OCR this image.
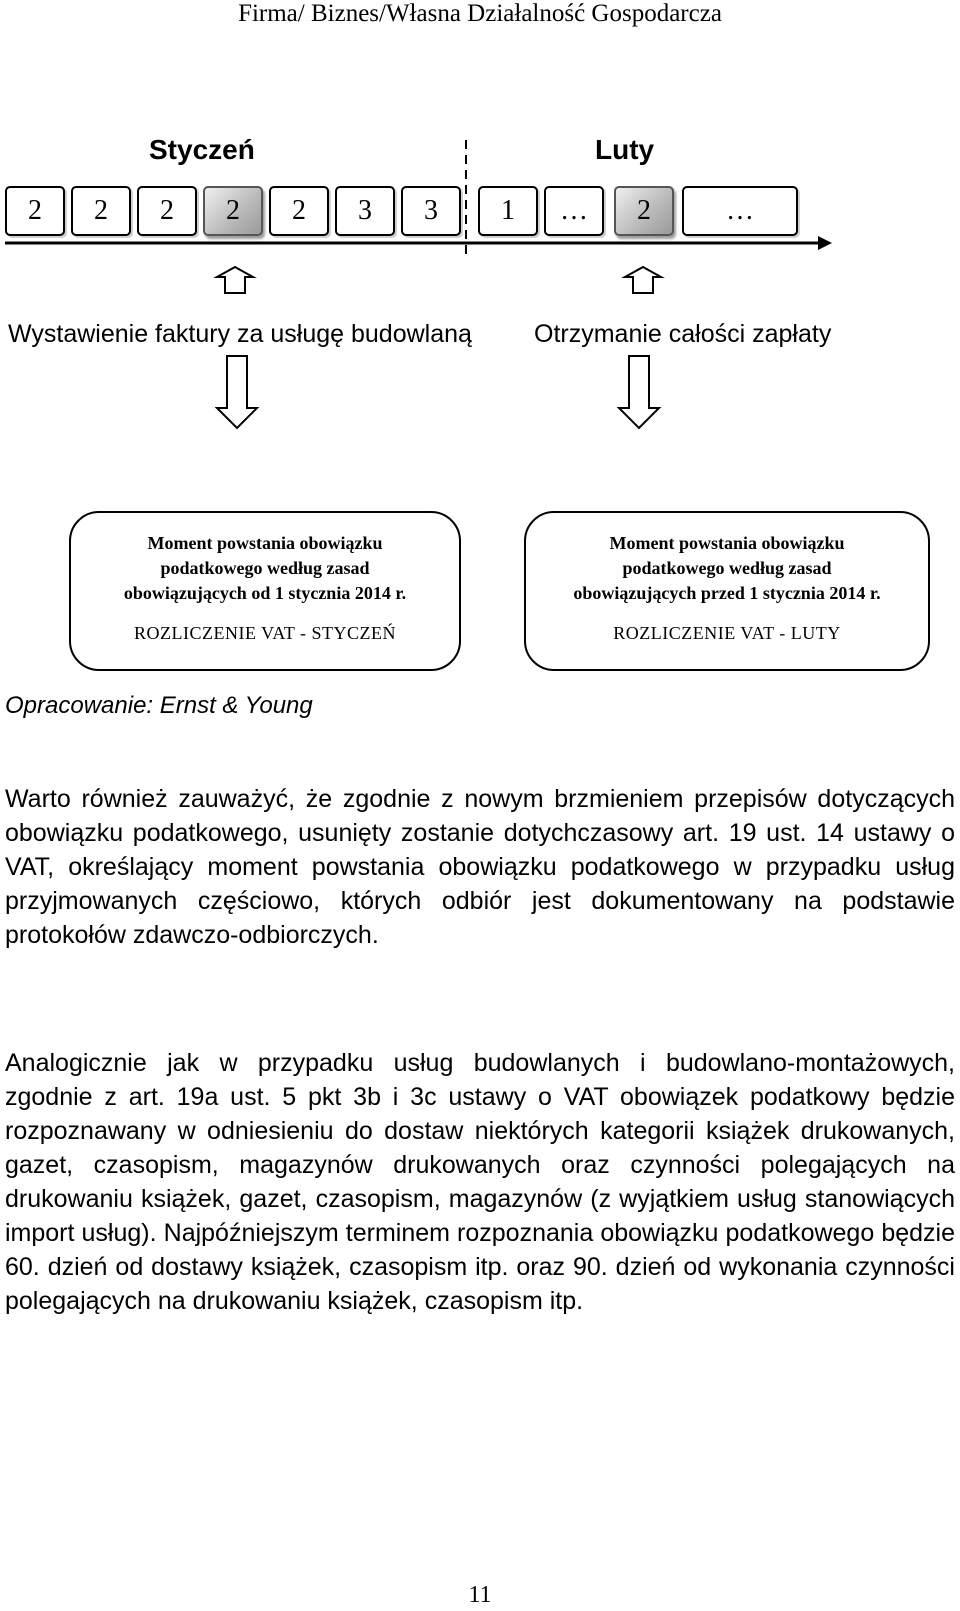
Firma/ Biznes/Własna Działalność Gospodarcza
Styczeń	Luty
2	2	2	2	2	3	3	1	…	2	…
Wystawienie faktury za usługę budowlaną Otrzymanie całości zapłaty
Moment powstania obowiązku
podatkowego według zasad
obowiązujących od 1 stycznia 2014 r.
ROZLICZENIE VAT - STYCZEŃ
Moment powstania obowiązku
podatkowego według zasad
obowiązujących przed 1 stycznia 2014 r.
ROZLICZENIE VAT - LUTY
Opracowanie: Ernst & Young

Warto również zauważyć, że zgodnie z nowym brzmieniem przepisów dotyczących obowiązku podatkowego, usunięty zostanie dotychczasowy art. 19 ust. 14 ustawy o VAT, określający moment powstania obowiązku podatkowego w przypadku usług przyjmowanych częściowo, których odbiór jest dokumentowany na podstawie protokołów zdawczo-odbiorczych.

Analogicznie jak w przypadku usług budowlanych i budowlano-montażowych, zgodnie z art. 19a ust. 5 pkt 3b i 3c ustawy o VAT obowiązek podatkowy będzie rozpoznawany w odniesieniu do dostaw niektórych kategorii książek drukowanych, gazet, czasopism, magazynów drukowanych oraz czynności polegających na drukowaniu książek, gazet, czasopism, magazynów (z wyjątkiem usług stanowiących import usług). Najpóźniejszym terminem rozpoznania obowiązku podatkowego będzie 60. dzień od dostawy książek, czasopism itp. oraz 90. dzień od wykonania czynności polegających na drukowaniu książek, czasopism itp.

11
